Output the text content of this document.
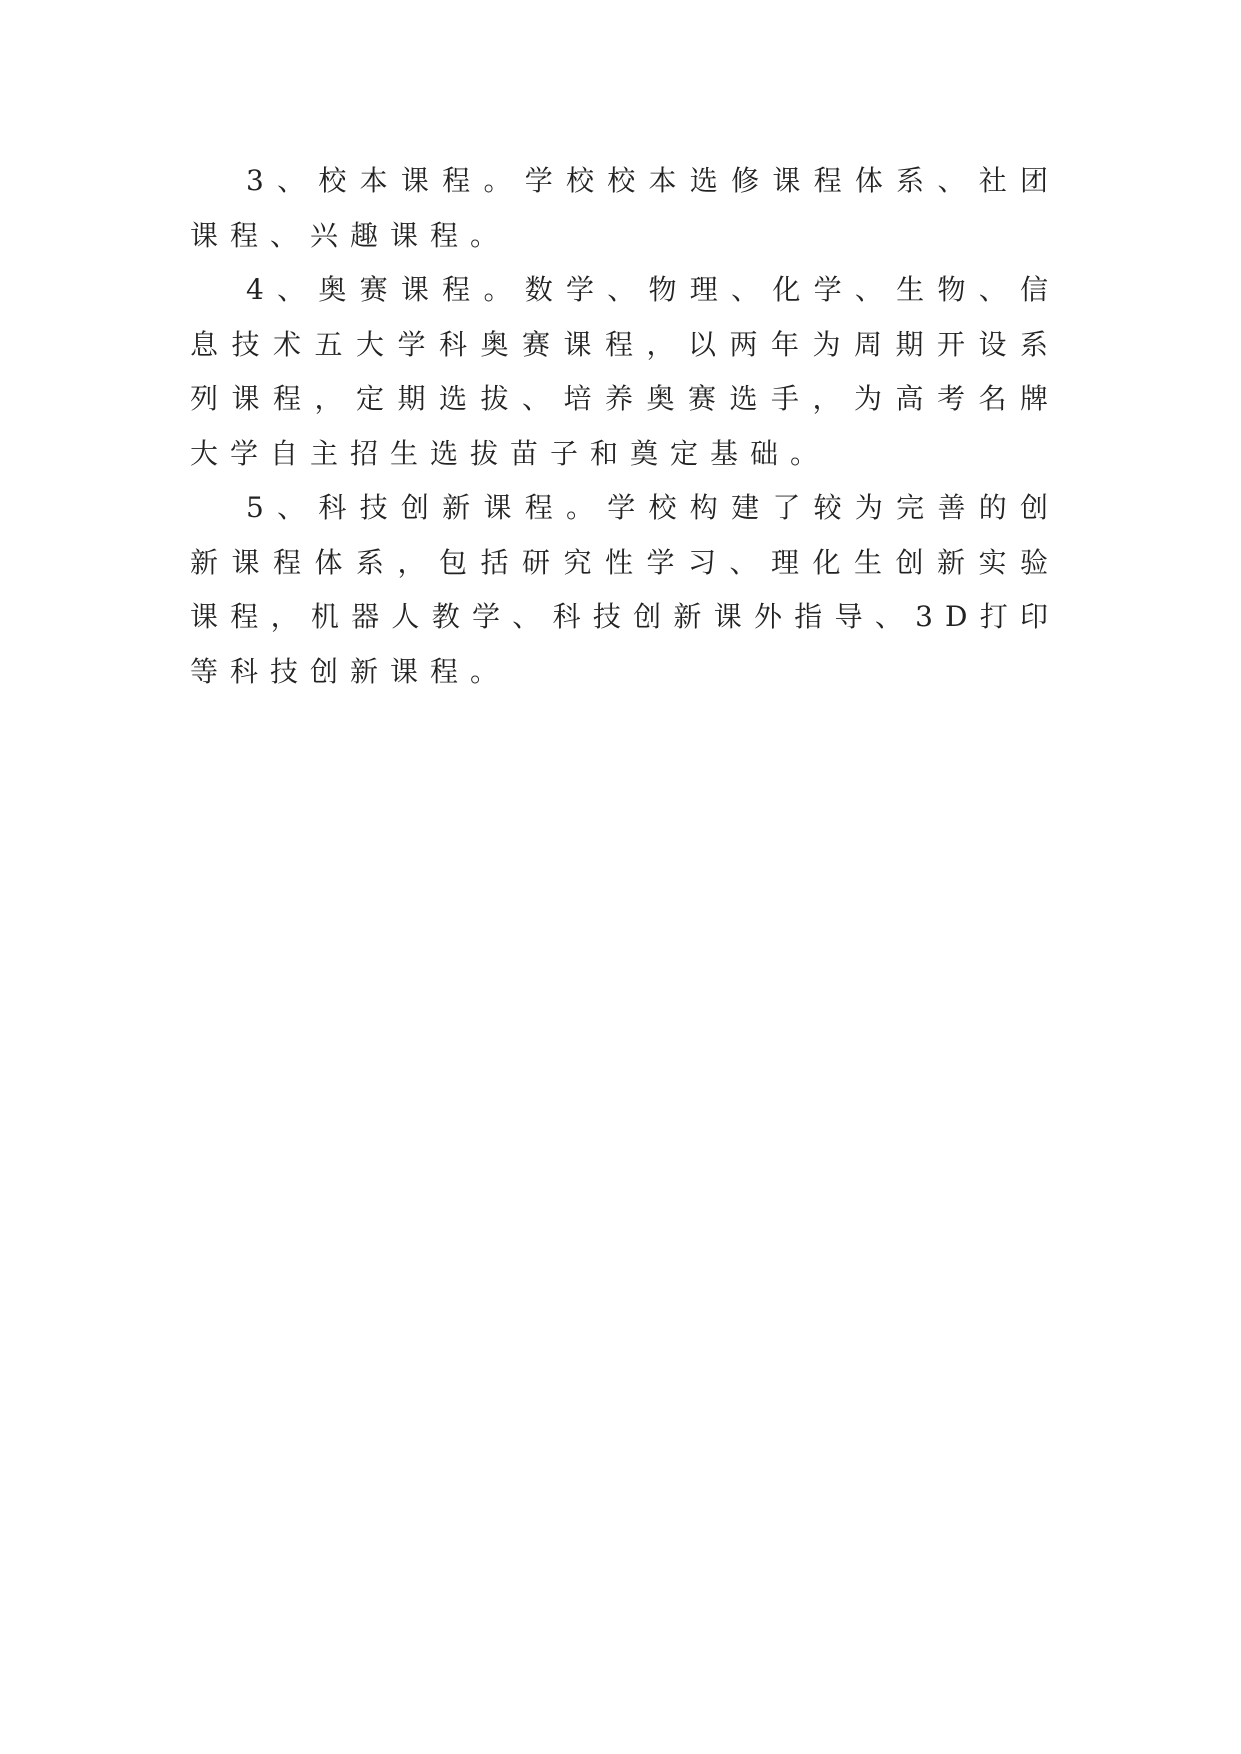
3、校本课程。学校校本选修课程体系、社团课程、兴趣课程。

4、奥赛课程。数学、物理、化学、生物、信息技术五大学科奥赛课程，以两年为周期开设系列课程，定期选拔、培养奥赛选手，为高考名牌大学自主招生选拔苗子和奠定基础。

5、科技创新课程。学校构建了较为完善的创新课程体系，包括研究性学习、理化生创新实验课程，机器人教学、科技创新课外指导、3D打印等科技创新课程。
